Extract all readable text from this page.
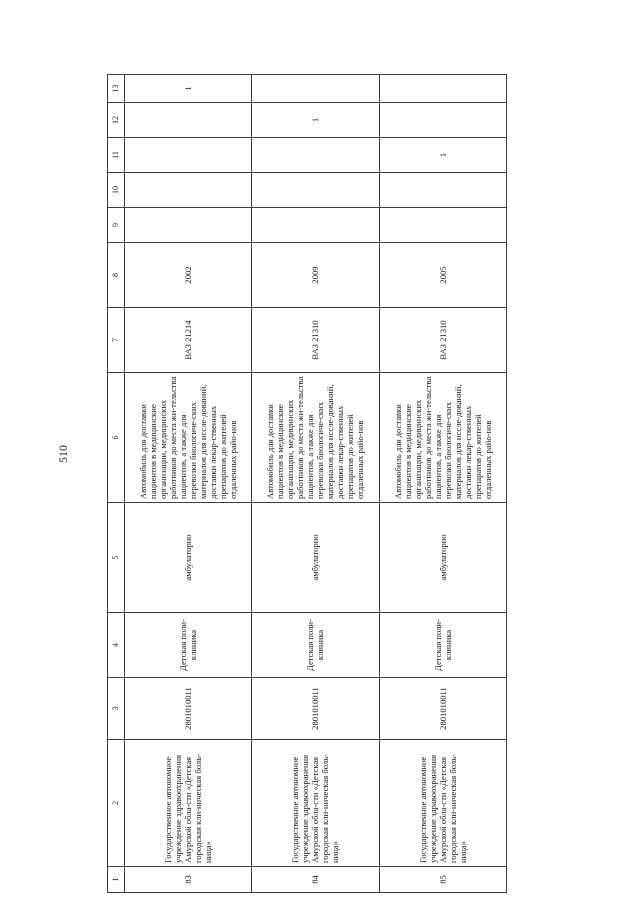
510
1	2	3	4	5	6	7	8	9	10	11	12	13
83	Государственное автономное учреждение здравоохранения Амурской обла-сти «Детская городская кли-ническая боль-ница»	2801010011	Детская поли-клиника	амбулаторно	Автомобиль для доставки пациентов в медицинские организации, медицинских работников до места жи-тельства пациентов, а также для перевозки биологиче-ских материалов для иссле-дований, доставки лекар-ственных препаратов до жителей отдаленных райо-нов	ВАЗ 21214	2002					1
84	Государственное автономное учреждение здравоохранения Амурской обла-сти «Детская городская кли-ническая боль-ница»	2801010011	Детская поли-клиника	амбулаторно	Автомобиль для доставки пациентов в медицинские организации, медицинских работников до места жи-тельства пациентов, а также для перевозки биологиче-ских материалов для иссле-дований, доставки лекар-ственных препаратов до жителей отдаленных райо-нов	ВАЗ 21310	2009				1	
85	Государственное автономное учреждение здравоохранения Амурской обла-сти «Детская городская кли-ническая боль-ница»	2801010011	Детская поли-клиника	амбулаторно	Автомобиль для доставки пациентов в медицинские организации, медицинских работников до места жи-тельства пациентов, а также для перевозки биологиче-ских материалов для иссле-дований, доставки лекар-ственных препаратов до жителей отдаленных райо-нов	ВАЗ 21310	2005			1		
